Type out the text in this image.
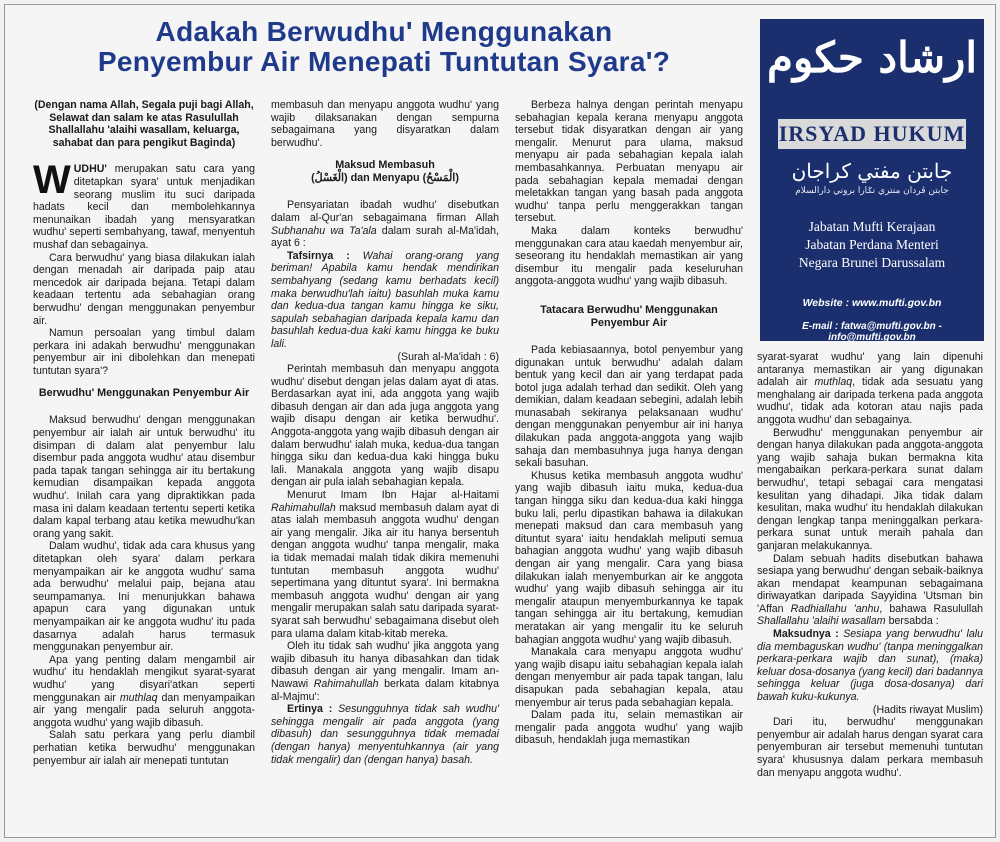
Adakah Berwudhu' Menggunakan
Penyembur Air Menepati Tuntutan Syara'?

(Dengan nama Allah, Segala puji bagi Allah, Selawat dan salam ke atas Rasulullah Shallallahu 'alaihi wasallam, keluarga, sahabat dan para pengikut Baginda)

WUDHU' merupakan satu cara yang ditetapkan syara' untuk menjadikan seorang muslim itu suci daripada hadats kecil dan membolehkannya menunaikan ibadah yang mensyaratkan wudhu' seperti sembahyang, tawaf, menyentuh mushaf dan sebagainya.

Cara berwudhu' yang biasa dilakukan ialah dengan menadah air daripada paip atau mencedok air daripada bejana. Tetapi dalam keadaan tertentu ada sebahagian orang berwudhu' dengan menggunakan penyembur air.

Namun persoalan yang timbul dalam perkara ini adakah berwudhu' menggunakan penyembur air ini dibolehkan dan menepati tuntutan syara'?

Berwudhu' Menggunakan Penyembur Air

Maksud berwudhu' dengan menggunakan penyembur air ialah air untuk berwudhu' itu disimpan di dalam alat penyembur lalu disembur pada anggota wudhu' atau disembur pada tapak tangan sehingga air itu bertakung kemudian disampaikan kepada anggota wudhu'. Inilah cara yang dipraktikkan pada masa ini dalam keadaan tertentu seperti ketika dalam kapal terbang atau ketika mewudhu'kan orang yang sakit.

Dalam wudhu', tidak ada cara khusus yang ditetapkan oleh syara' dalam perkara menyampaikan air ke anggota wudhu' sama ada berwudhu' melalui paip, bejana atau seumpamanya. Ini menunjukkan bahawa apapun cara yang digunakan untuk menyampaikan air ke anggota wudhu' itu pada dasarnya adalah harus termasuk menggunakan penyembur air.

Apa yang penting dalam mengambil air wudhu' itu hendaklah mengikut syarat-syarat wudhu' yang disyari'atkan seperti menggunakan air muthlaq dan menyampaikan air yang mengalir pada seluruh anggota-anggota wudhu' yang wajib dibasuh.

Salah satu perkara yang perlu diambil perhatian ketika berwudhu' menggunakan penyembur air ialah air menepati tuntutan

membasuh dan menyapu anggota wudhu' yang wajib dilaksanakan dengan sempurna sebagaimana yang disyaratkan dalam berwudhu'.

Maksud Membasuh
(الْغَسْلُ) dan Menyapu (الْمَسْحُ)

Pensyariatan ibadah wudhu' disebutkan dalam al-Qur'an sebagaimana firman Allah Subhanahu wa Ta'ala dalam surah al-Ma'idah, ayat 6 :

Tafsirnya : Wahai orang-orang yang beriman! Apabila kamu hendak mendirikan sembahyang (sedang kamu berhadats kecil) maka berwudhu'lah iaitu) basuhlah muka kamu dan kedua-dua tangan kamu hingga ke siku, sapulah sebahagian daripada kepala kamu dan basuhlah kedua-dua kaki kamu hingga ke buku lali.

(Surah al-Ma'idah : 6)

Perintah membasuh dan menyapu anggota wudhu' disebut dengan jelas dalam ayat di atas. Berdasarkan ayat ini, ada anggota yang wajib dibasuh dengan air dan ada juga anggota yang wajib disapu dengan air ketika berwudhu'. Anggota-anggota yang wajib dibasuh dengan air dalam berwudhu' ialah muka, kedua-dua tangan hingga siku dan kedua-dua kaki hingga buku lali. Manakala anggota yang wajib disapu dengan air pula ialah sebahagian kepala.

Menurut Imam Ibn Hajar al-Haitami Rahimahullah maksud membasuh dalam ayat di atas ialah membasuh anggota wudhu' dengan air yang mengalir. Jika air itu hanya bersentuh dengan anggota wudhu' tanpa mengalir, maka ia tidak memadai malah tidak dikira memenuhi tuntutan membasuh anggota wudhu' sepertimana yang dituntut syara'. Ini bermakna membasuh anggota wudhu' dengan air yang mengalir merupakan salah satu daripada syarat-syarat sah berwudhu' sebagaimana disebut oleh para ulama dalam kitab-kitab mereka.

Oleh itu tidak sah wudhu' jika anggota yang wajib dibasuh itu hanya dibasahkan dan tidak dibasuh dengan air yang mengalir. Imam an-Nawawi Rahimahullah berkata dalam kitabnya al-Majmu':

Ertinya : Sesungguhnya tidak sah wudhu' sehingga mengalir air pada anggota (yang dibasuh) dan sesungguhnya tidak memadai (dengan hanya) menyentuhkannya (air yang tidak mengalir) dan (dengan hanya) basah.

Berbeza halnya dengan perintah menyapu sebahagian kepala kerana menyapu anggota tersebut tidak disyaratkan dengan air yang mengalir. Menurut para ulama, maksud menyapu air pada sebahagian kepala ialah membasahkannya. Perbuatan menyapu air pada sebahagian kepala memadai dengan meletakkan tangan yang basah pada anggota wudhu' tanpa perlu menggerakkan tangan tersebut.

Maka dalam konteks berwudhu' menggunakan cara atau kaedah menyembur air, seseorang itu hendaklah memastikan air yang disembur itu mengalir pada keseluruhan anggota-anggota wudhu' yang wajib dibasuh.

Tatacara Berwudhu' Menggunakan Penyembur Air

Pada kebiasaannya, botol penyembur yang digunakan untuk berwudhu' adalah dalam bentuk yang kecil dan air yang terdapat pada botol juga adalah terhad dan sedikit. Oleh yang demikian, dalam keadaan sebegini, adalah lebih munasabah sekiranya pelaksanaan wudhu' dengan menggunakan penyembur air ini hanya dilakukan pada anggota-anggota yang wajib sahaja dan membasuhnya juga hanya dengan sekali basuhan.

Khusus ketika membasuh anggota wudhu' yang wajib dibasuh iaitu muka, kedua-dua tangan hingga siku dan kedua-dua kaki hingga buku lali, perlu dipastikan bahawa ia dilakukan menepati maksud dan cara membasuh yang dituntut syara' iaitu hendaklah meliputi semua bahagian anggota wudhu' yang wajib dibasuh dengan air yang mengalir. Cara yang biasa dilakukan ialah menyemburkan air ke anggota wudhu' yang wajib dibasuh sehingga air itu mengalir ataupun menyemburkannya ke tapak tangan sehingga air itu bertakung, kemudian meratakan air yang mengalir itu ke seluruh bahagian anggota wudhu' yang wajib dibasuh.

Manakala cara menyapu anggota wudhu' yang wajib disapu iaitu sebahagian kepala ialah dengan menyembur air pada tapak tangan, lalu disapukan pada sebahagian kepala, atau menyembur air terus pada sebahagian kepala.

Dalam pada itu, selain memastikan air mengalir pada anggota wudhu' yang wajib dibasuh, hendaklah juga memastikan

ارشاد حكوم
IRSYAD HUKUM
جابتن مفتي كراجان
جابتن ڤردان منتري نݢارا بروني دارالسلام
Jabatan Mufti Kerajaan
Jabatan Perdana Menteri
Negara Brunei Darussalam
Website : www.mufti.gov.bn
E-mail : fatwa@mufti.gov.bn - info@mufti.gov.bn

syarat-syarat wudhu' yang lain dipenuhi antaranya memastikan air yang digunakan adalah air muthlaq, tidak ada sesuatu yang menghalang air daripada terkena pada anggota wudhu', tidak ada kotoran atau najis pada anggota wudhu' dan sebagainya.

Berwudhu' menggunakan penyembur air dengan hanya dilakukan pada anggota-anggota yang wajib sahaja bukan bermakna kita mengabaikan perkara-perkara sunat dalam berwudhu', tetapi sebagai cara mengatasi kesulitan yang dihadapi. Jika tidak dalam kesulitan, maka wudhu' itu hendaklah dilakukan dengan lengkap tanpa meninggalkan perkara-perkara sunat untuk meraih pahala dan ganjaran melakukannya.

Dalam sebuah hadits disebutkan bahawa sesiapa yang berwudhu' dengan sebaik-baiknya akan mendapat keampunan sebagaimana diriwayatkan daripada Sayyidina 'Utsman bin 'Affan Radhiallahu 'anhu, bahawa Rasulullah Shallallahu 'alaihi wasallam bersabda :

Maksudnya : Sesiapa yang berwudhu' lalu dia membaguskan wudhu' (tanpa meninggalkan perkara-perkara wajib dan sunat), (maka) keluar dosa-dosanya (yang kecil) dari badannya sehingga keluar (juga dosa-dosanya) dari bawah kuku-kukunya.

(Hadits riwayat Muslim)

Dari itu, berwudhu' menggunakan penyembur air adalah harus dengan syarat cara penyemburan air tersebut memenuhi tuntutan syara' khususnya dalam perkara membasuh dan menyapu anggota wudhu'.
